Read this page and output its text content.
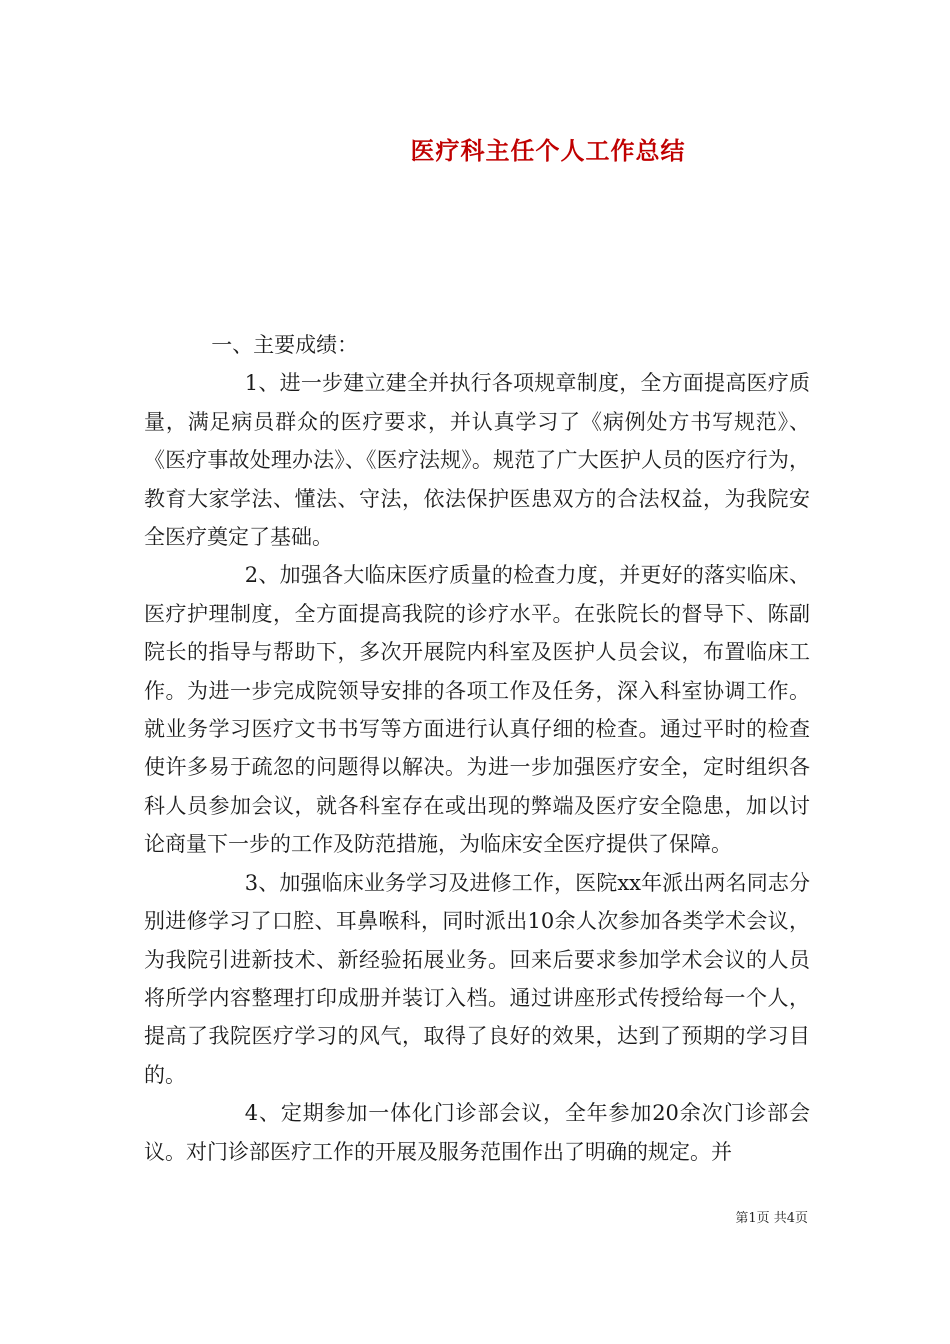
医疗科主任个人工作总结

一、主要成绩：

1、进一步建立建全并执行各项规章制度，全方面提高医疗质量，满足病员群众的医疗要求，并认真学习了《病例处方书写规范》、《医疗事故处理办法》、《医疗法规》。规范了广大医护人员的医疗行为，教育大家学法、懂法、守法，依法保护医患双方的合法权益，为我院安全医疗奠定了基础。

2、加强各大临床医疗质量的检查力度，并更好的落实临床、医疗护理制度，全方面提高我院的诊疗水平。在张院长的督导下、陈副院长的指导与帮助下，多次开展院内科室及医护人员会议，布置临床工作。为进一步完成院领导安排的各项工作及任务，深入科室协调工作。就业务学习医疗文书书写等方面进行认真仔细的检查。通过平时的检查使许多易于疏忽的问题得以解决。为进一步加强医疗安全，定时组织各科人员参加会议，就各科室存在或出现的弊端及医疗安全隐患，加以讨论商量下一步的工作及防范措施，为临床安全医疗提供了保障。

3、加强临床业务学习及进修工作，医院xx年派出两名同志分别进修学习了口腔、耳鼻喉科，同时派出10余人次参加各类学术会议，为我院引进新技术、新经验拓展业务。回来后要求参加学术会议的人员将所学内容整理打印成册并装订入档。通过讲座形式传授给每一个人，提高了我院医疗学习的风气，取得了良好的效果，达到了预期的学习目的。

4、定期参加一体化门诊部会议，全年参加20余次门诊部会议。对门诊部医疗工作的开展及服务范围作出了明确的规定。并

第1页 共4页
